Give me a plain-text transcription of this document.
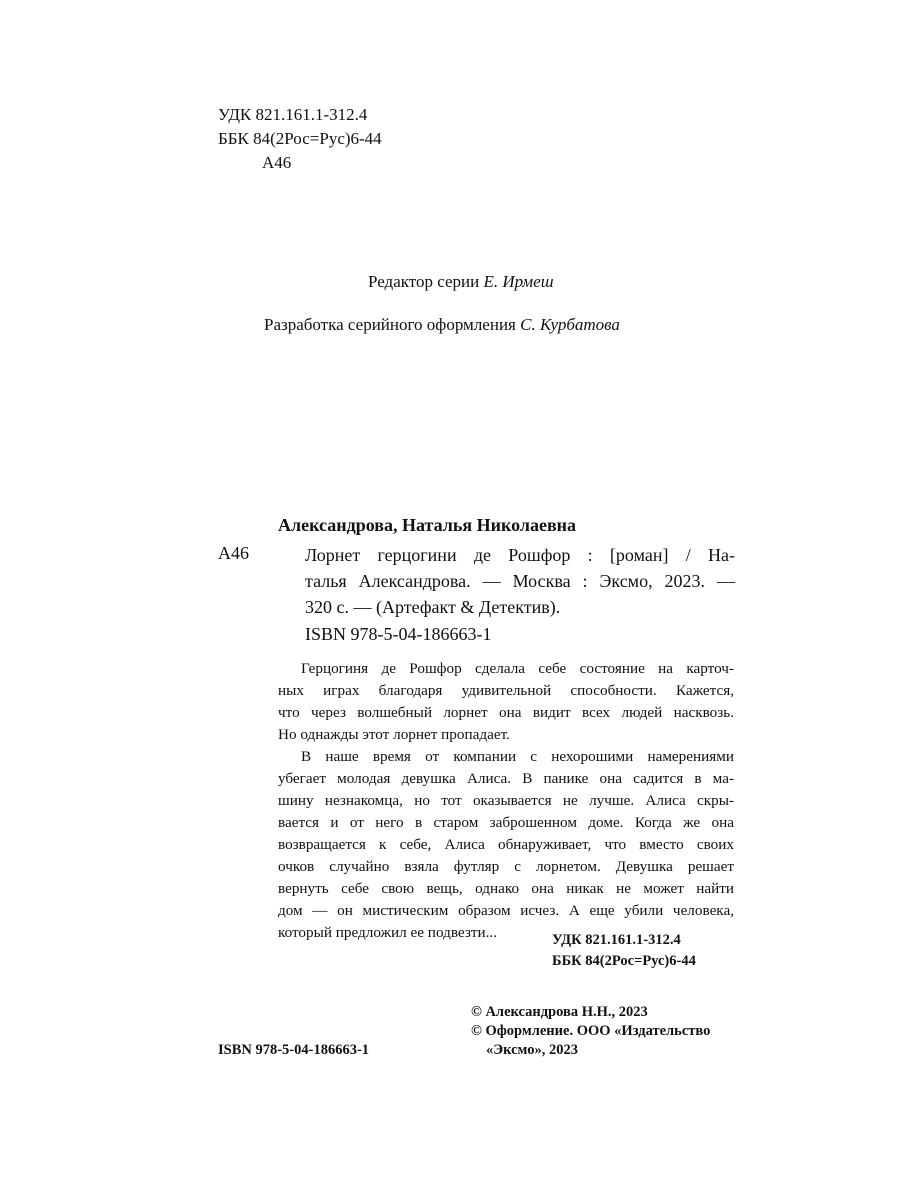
УДК 821.161.1-312.4
ББК 84(2Рос=Рус)6-44
А46
Редактор серии Е. Ирмеш
Разработка серийного оформления С. Курбатова
Александрова, Наталья Николаевна
А46	Лорнет герцогини де Рошфор : [роман] / На-
талья Александрова. — Москва : Эксмо, 2023. —
320 с. — (Артефакт & Детектив).
ISBN 978-5-04-186663-1

Герцогиня де Рошфор сделала себе состояние на карточ-
ных играх благодаря удивительной способности. Кажется,
что через волшебный лорнет она видит всех людей насквозь.
Но однажды этот лорнет пропадает.

В наше время от компании с нехорошими намерениями
убегает молодая девушка Алиса. В панике она садится в ма-
шину незнакомца, но тот оказывается не лучше. Алиса скры-
вается и от него в старом заброшенном доме. Когда же она
возвращается к себе, Алиса обнаруживает, что вместо своих
очков случайно взяла футляр с лорнетом. Девушка решает
вернуть себе свою вещь, однако она никак не может найти
дом — он мистическим образом исчез. А еще убили человека,
который предложил ее подвезти...	УДК 821.161.1-312.4
ББК 84(2Рос=Рус)6-44
© Александрова Н.Н., 2023
© Оформление. ООО «Издательство
«Эксмо», 2023
ISBN 978-5-04-186663-1
